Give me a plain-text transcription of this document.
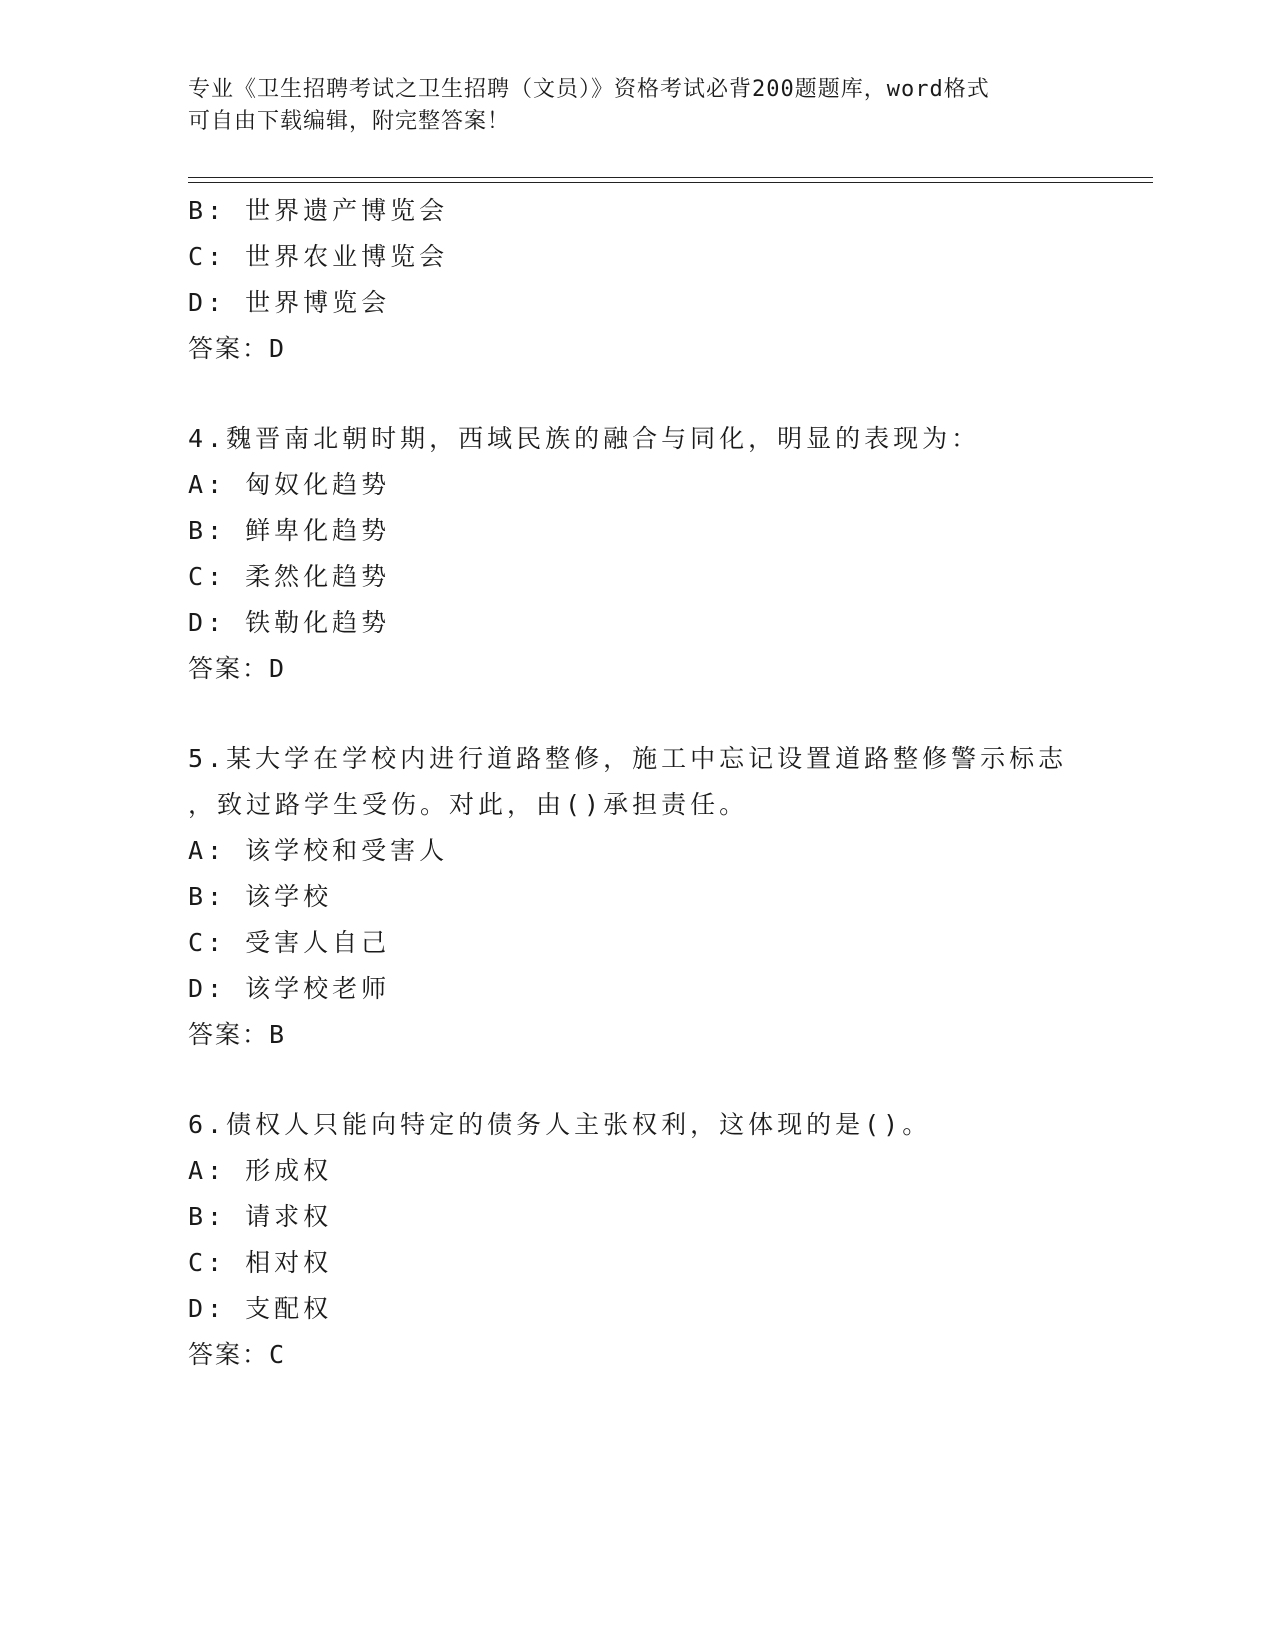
专业《卫生招聘考试之卫生招聘（文员）》资格考试必背200题题库，word格式
可自由下载编辑，附完整答案！
B: 世界遗产博览会
C: 世界农业博览会
D: 世界博览会
答案：D
4.魏晋南北朝时期，西域民族的融合与同化，明显的表现为：
A: 匈奴化趋势
B: 鲜卑化趋势
C: 柔然化趋势
D: 铁勒化趋势
答案：D
5.某大学在学校内进行道路整修，施工中忘记设置道路整修警示标志
，致过路学生受伤。对此，由()承担责任。
A: 该学校和受害人
B: 该学校
C: 受害人自己
D: 该学校老师
答案：B
6.债权人只能向特定的债务人主张权利，这体现的是()。
A: 形成权
B: 请求权
C: 相对权
D: 支配权
答案：C
